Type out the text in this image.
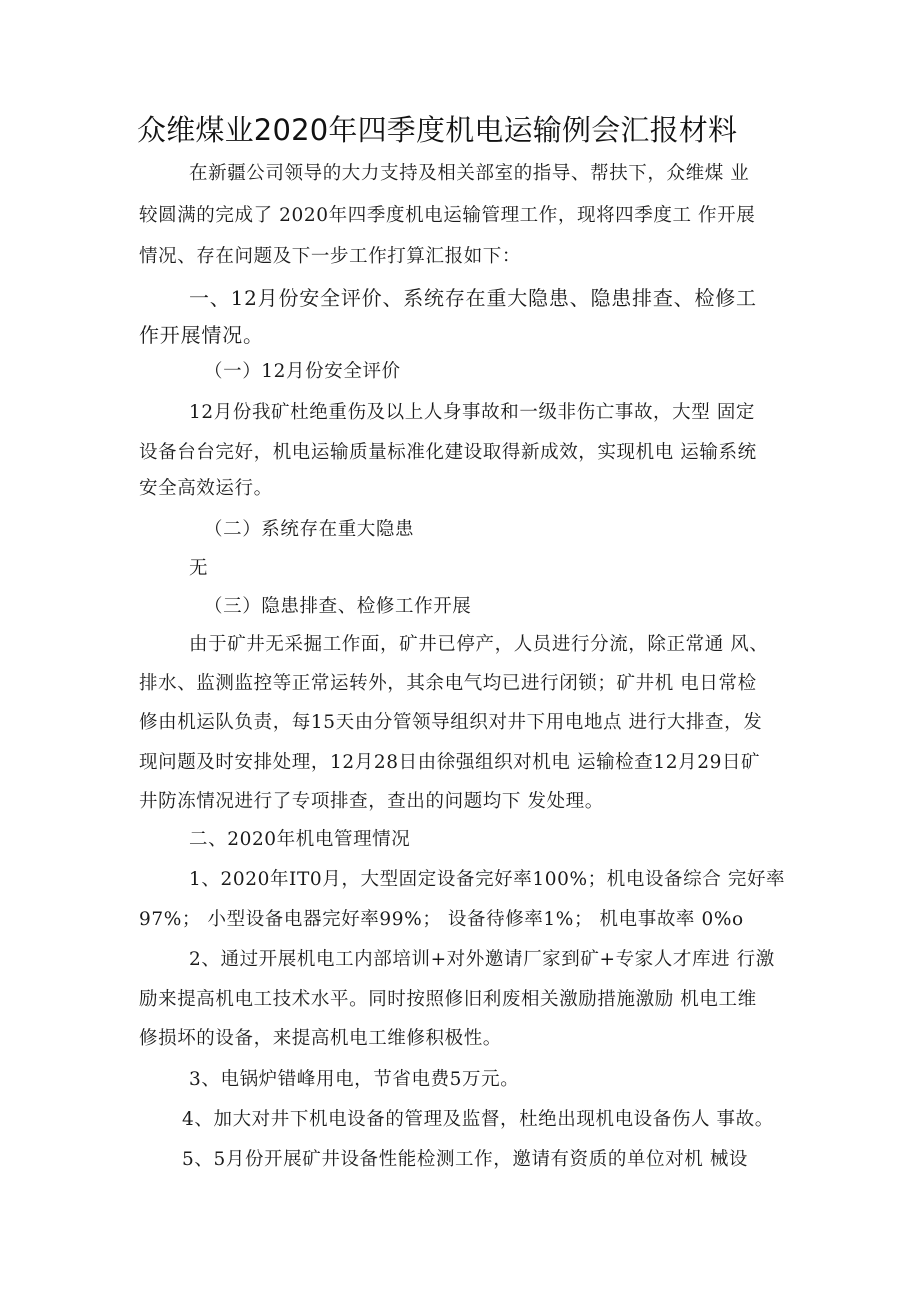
众维煤业2020年四季度机电运输例会汇报材料
在新疆公司领导的大力支持及相关部室的指导、帮扶下，众维煤 业
较圆满的完成了 2020年四季度机电运输管理工作，现将四季度工 作开展
情况、存在问题及下一步工作打算汇报如下：
一、12月份安全评价、系统存在重大隐患、隐患排查、检修工
作开展情况。
（一）12月份安全评价
12月份我矿杜绝重伤及以上人身事故和一级非伤亡事故，大型 固定
设备台台完好，机电运输质量标准化建设取得新成效，实现机电 运输系统
安全高效运行。
（二）系统存在重大隐患
无
（三）隐患排查、检修工作开展
由于矿井无采掘工作面，矿井已停产，人员进行分流，除正常通 风、
排水、监测监控等正常运转外，其余电气均已进行闭锁；矿井机 电日常检
修由机运队负责，每15天由分管领导组织对井下用电地点 进行大排查，发
现问题及时安排处理，12月28日由徐强组织对机电 运输检查12月29日矿
井防冻情况进行了专项排查，查出的问题均下 发处理。
二、2020年机电管理情况
1、2020年IT0月，大型固定设备完好率100%；机电设备综合 完好率
97%； 小型设备电器完好率99%； 设备待修率1%； 机电事故率 0%o
2、通过开展机电工内部培训+对外邀请厂家到矿+专家人才库进 行激
励来提高机电工技术水平。同时按照修旧利废相关激励措施激励 机电工维
修损坏的设备，来提高机电工维修积极性。
3、电锅炉错峰用电，节省电费5万元。
4、加大对井下机电设备的管理及监督，杜绝出现机电设备伤人 事故。
5、5月份开展矿井设备性能检测工作，邀请有资质的单位对机 械设
